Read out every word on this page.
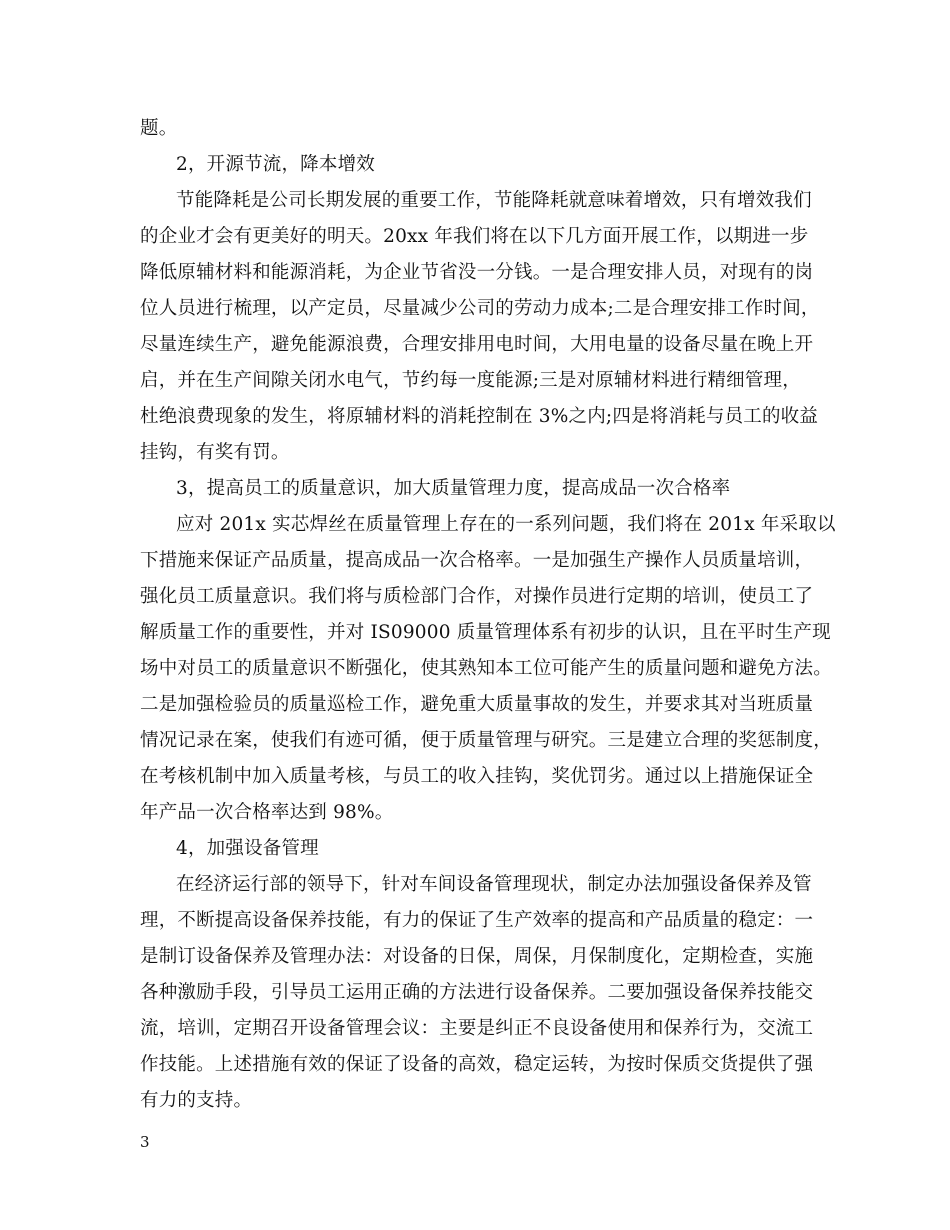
题。
2，开源节流，降本增效
节能降耗是公司长期发展的重要工作，节能降耗就意味着增效，只有增效我们
的企业才会有更美好的明天。20xx 年我们将在以下几方面开展工作，以期进一步
降低原辅材料和能源消耗，为企业节省没一分钱。一是合理安排人员，对现有的岗
位人员进行梳理，以产定员，尽量减少公司的劳动力成本;二是合理安排工作时间，
尽量连续生产，避免能源浪费，合理安排用电时间，大用电量的设备尽量在晚上开
启，并在生产间隙关闭水电气，节约每一度能源;三是对原辅材料进行精细管理，
杜绝浪费现象的发生，将原辅材料的消耗控制在 3%之内;四是将消耗与员工的收益
挂钩，有奖有罚。
3，提高员工的质量意识，加大质量管理力度，提高成品一次合格率
应对 201x 实芯焊丝在质量管理上存在的一系列问题，我们将在 201x 年采取以
下措施来保证产品质量，提高成品一次合格率。一是加强生产操作人员质量培训，
强化员工质量意识。我们将与质检部门合作，对操作员进行定期的培训，使员工了
解质量工作的重要性，并对 IS09000 质量管理体系有初步的认识，且在平时生产现
场中对员工的质量意识不断强化，使其熟知本工位可能产生的质量问题和避免方法。
二是加强检验员的质量巡检工作，避免重大质量事故的发生，并要求其对当班质量
情况记录在案，使我们有迹可循，便于质量管理与研究。三是建立合理的奖惩制度，
在考核机制中加入质量考核，与员工的收入挂钩，奖优罚劣。通过以上措施保证全
年产品一次合格率达到 98%。
4，加强设备管理
在经济运行部的领导下，针对车间设备管理现状，制定办法加强设备保养及管
理，不断提高设备保养技能，有力的保证了生产效率的提高和产品质量的稳定：一
是制订设备保养及管理办法：对设备的日保，周保，月保制度化，定期检查，实施
各种激励手段，引导员工运用正确的方法进行设备保养。二要加强设备保养技能交
流，培训，定期召开设备管理会议：主要是纠正不良设备使用和保养行为，交流工
作技能。上述措施有效的保证了设备的高效，稳定运转，为按时保质交货提供了强
有力的支持。
3
